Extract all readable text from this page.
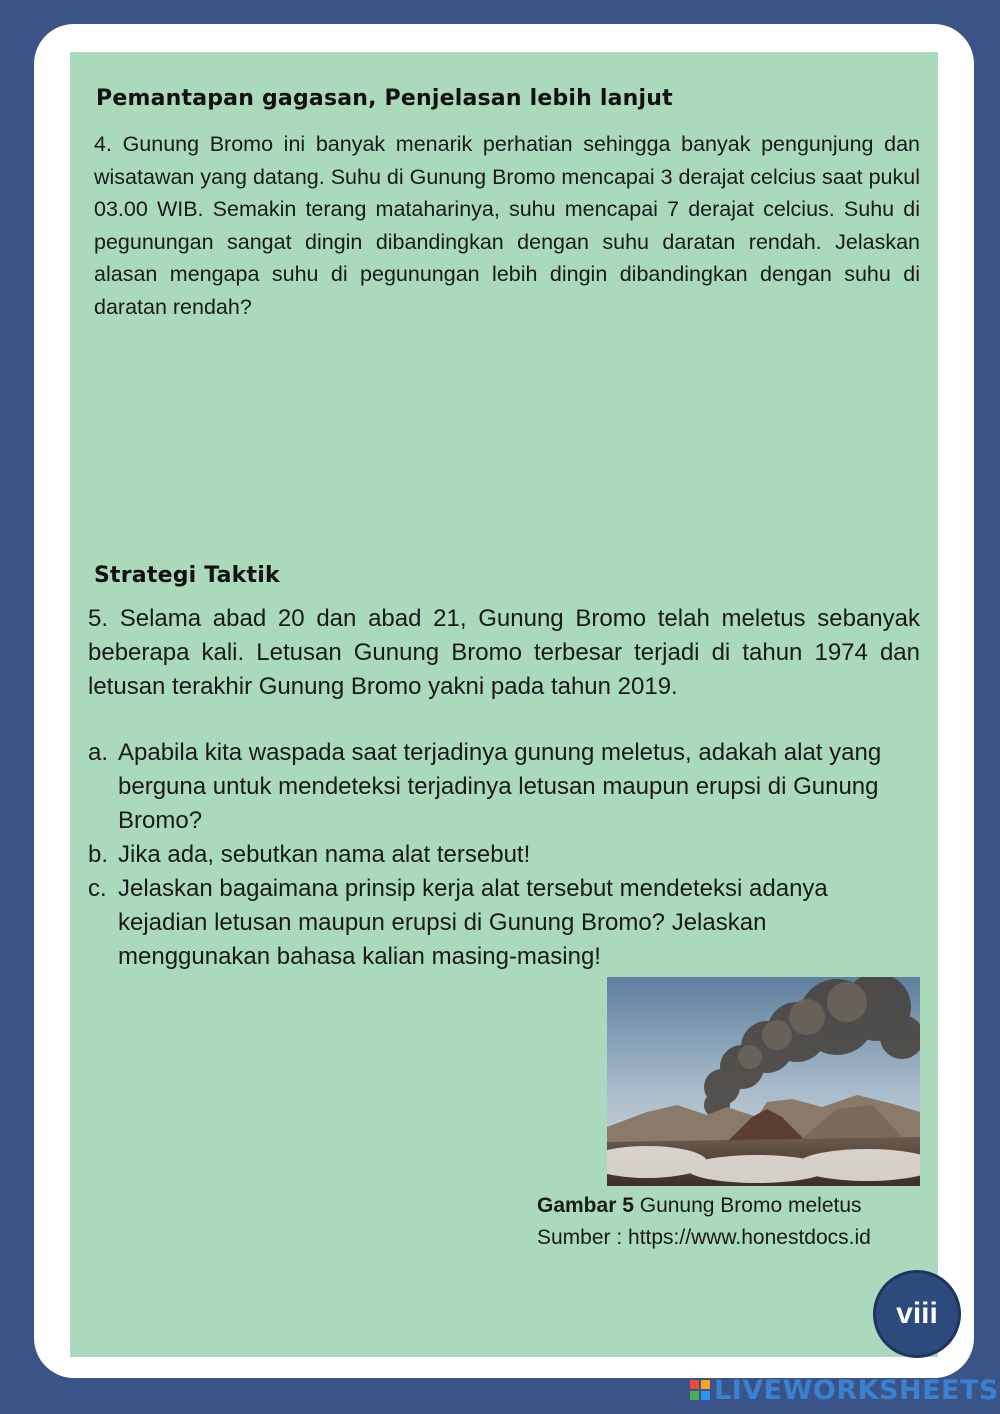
Pemantapan gagasan, Penjelasan lebih lanjut

4. Gunung Bromo ini banyak menarik perhatian sehingga banyak pengunjung dan wisatawan yang datang. Suhu di Gunung Bromo mencapai 3 derajat celcius saat pukul 03.00 WIB. Semakin terang mataharinya, suhu mencapai 7 derajat celcius. Suhu di pegunungan sangat dingin dibandingkan dengan suhu daratan rendah. Jelaskan alasan mengapa suhu di pegunungan lebih dingin dibandingkan dengan suhu di daratan rendah?

Strategi Taktik

5. Selama abad 20 dan abad 21, Gunung Bromo telah meletus sebanyak beberapa kali. Letusan Gunung Bromo terbesar terjadi di tahun 1974 dan letusan terakhir Gunung Bromo yakni pada tahun 2019.

a. Apabila kita waspada saat terjadinya gunung meletus, adakah alat yang berguna untuk mendeteksi terjadinya letusan maupun erupsi di Gunung Bromo?
b. Jika ada, sebutkan nama alat tersebut!
c. Jelaskan bagaimana prinsip kerja alat tersebut mendeteksi adanya kejadian letusan maupun erupsi di Gunung Bromo? Jelaskan menggunakan bahasa kalian masing-masing!
Gambar 5 Gunung Bromo meletus
Sumber : https://www.honestdocs.id
viii
LIVEWORKSHEETS
